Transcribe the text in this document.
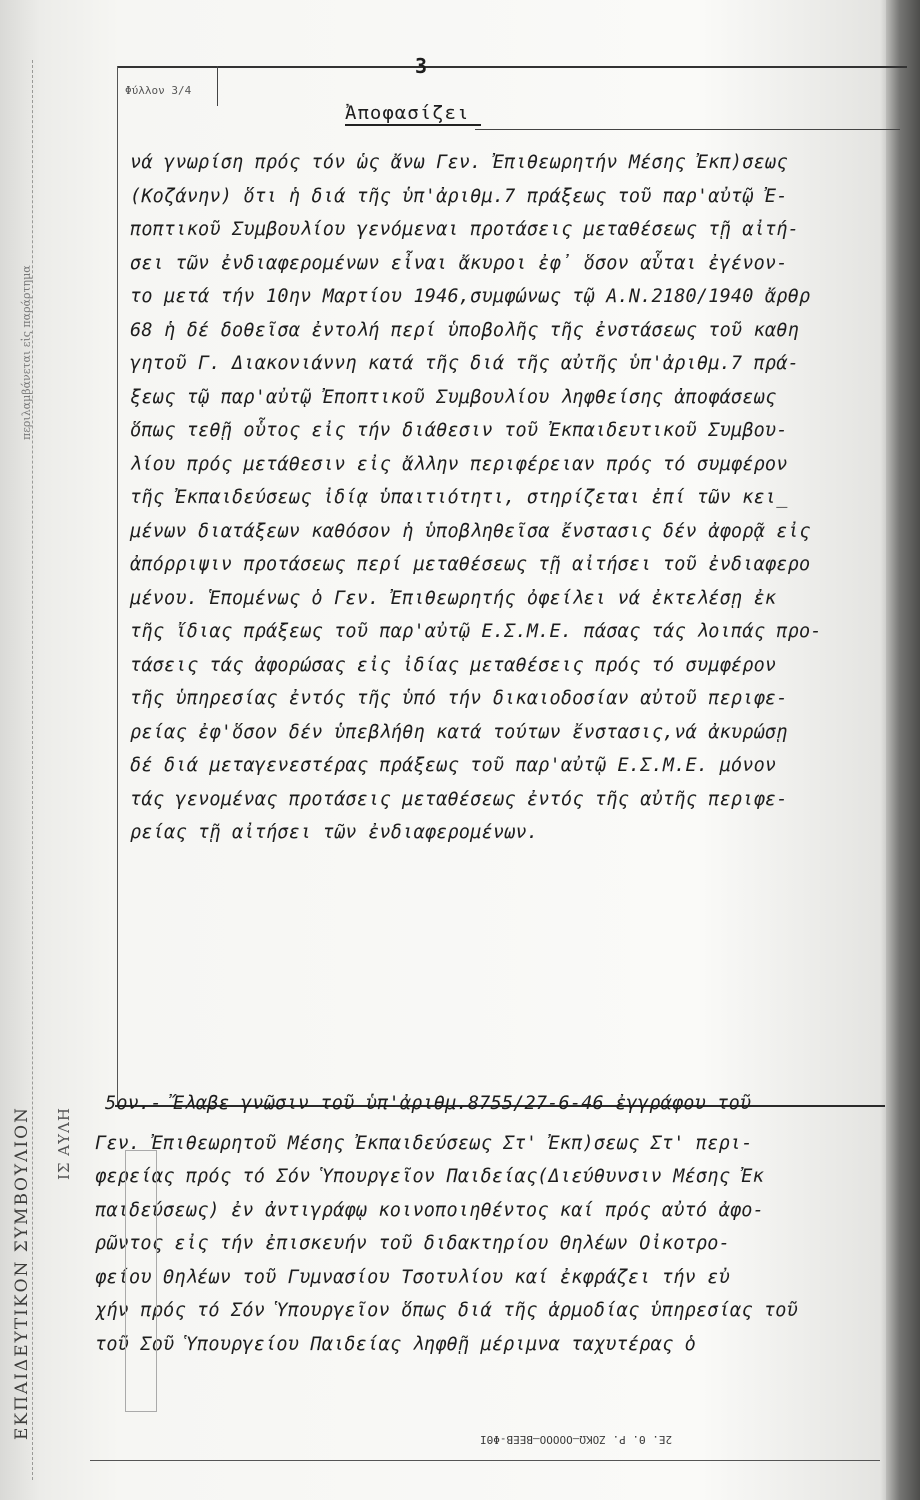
ΕΚΠΑΙΔΕΥΤΙΚΟΝ ΣΥΜΒΟΥΛΙΟΝ ΙΣ ΑΥΛΗ
περιλαμβάνεται εἰς παράρτημα
3
Φύλλον 3/4
Ἀποφασίζει
νά γνωρίση πρός τόν ὡς ἄνω Γεν. Ἐπιθεωρητήν Μέσης Ἐκπ)σεως
(Κοζάνην) ὅτι ἡ διά τῆς ὑπ'ἀριθμ.7 πράξεως τοῦ παρ'αὐτῷ Ἐ-
ποπτικοῦ Συμβουλίου γενόμεναι προτάσεις μεταθέσεως τῇ αἰτή-
σει τῶν ἐνδιαφερομένων εἶναι ἄκυροι ἐφ᾽ ὅσον αὗται ἐγένον-
το μετά τήν 10ην Μαρτίου 1946,συμφώνως τῷ Α.Ν.2180/1940 ἄρθρ
68 ἡ δέ δοθεῖσα ἐντολή περί ὑποβολῆς τῆς ἐνστάσεως τοῦ καθη
γητοῦ Γ. Διακονιάννη κατά τῆς διά τῆς αὐτῆς ὑπ'ἀριθμ.7 πρά-
ξεως τῷ παρ'αὐτῷ Ἐποπτικοῦ Συμβουλίου ληφθείσης ἀποφάσεως
ὅπως τεθῇ οὗτος εἰς τήν διάθεσιν τοῦ Ἐκπαιδευτικοῦ Συμβου-
λίου πρός μετάθεσιν εἰς ἄλλην περιφέρειαν πρός τό συμφέρον
τῆς Ἐκπαιδεύσεως ἰδίᾳ ὑπαιτιότητι, στηρίζεται ἐπί τῶν κει_
μένων διατάξεων καθόσον ἡ ὑποβληθεῖσα ἔνστασις δέν ἀφορᾷ εἰς
ἀπόρριψιν προτάσεως περί μεταθέσεως τῇ αἰτήσει τοῦ ἐνδιαφερο
μένου. Ἑπομένως ὁ Γεν. Ἐπιθεωρητής ὀφείλει νά ἐκτελέσῃ ἐκ
τῆς ἴδιας πράξεως τοῦ παρ'αὐτῷ Ε.Σ.Μ.Ε. πάσας τάς λοιπάς προ-
τάσεις τάς ἀφορώσας εἰς ἰδίας μεταθέσεις πρός τό συμφέρον
τῆς ὑπηρεσίας ἐντός τῆς ὑπό τήν δικαιοδοσίαν αὐτοῦ περιφε-
ρείας ἐφ'ὅσον δέν ὑπεβλήθη κατά τούτων ἔνστασις,νά ἀκυρώσῃ
δέ διά μεταγενεστέρας πράξεως τοῦ παρ'αὐτῷ Ε.Σ.Μ.Ε. μόνον
τάς γενομένας προτάσεις μεταθέσεως ἐντός τῆς αὐτῆς περιφε-
ρείας τῇ αἰτήσει τῶν ἐνδιαφερομένων.
5ον.- Ἔλαβε γνῶσιν τοῦ ὑπ'ἀριθμ.8755/27-6-46 ἐγγράφου τοῦ
Γεν. Ἐπιθεωρητοῦ Μέσης Ἐκπαιδεύσεως Στ' Ἐκπ)σεως Στ' περι-
φερείας πρός τό Σόν Ὑπουργεῖον Παιδείας(Διεύθυνσιν Μέσης Ἐκ
παιδεύσεως) ἐν ἀντιγράφῳ κοινοποιηθέντος καί πρός αὐτό ἀφο-
ρῶντος εἰς τήν ἐπισκευήν τοῦ διδακτηρίου Θηλέων Οἰκοτρο-
φείου Θηλέων τοῦ Γυμνασίου Τσοτυλίου καί ἐκφράζει τήν εὐ
χήν πρός τό Σόν Ὑπουργεῖον ὅπως διά τῆς ἁρμοδίας ὑπηρεσίας τοῦ
τοῦ Σοῦ Ὑπουργείου Παιδείας ληφθῇ μέριμνα ταχυτέρας ὁ
2Ε. Θ. Ρ. ΖΟΚΩ—ΟΟΟΟΟ—ΒΕΕΒ-ΦΘΙ
